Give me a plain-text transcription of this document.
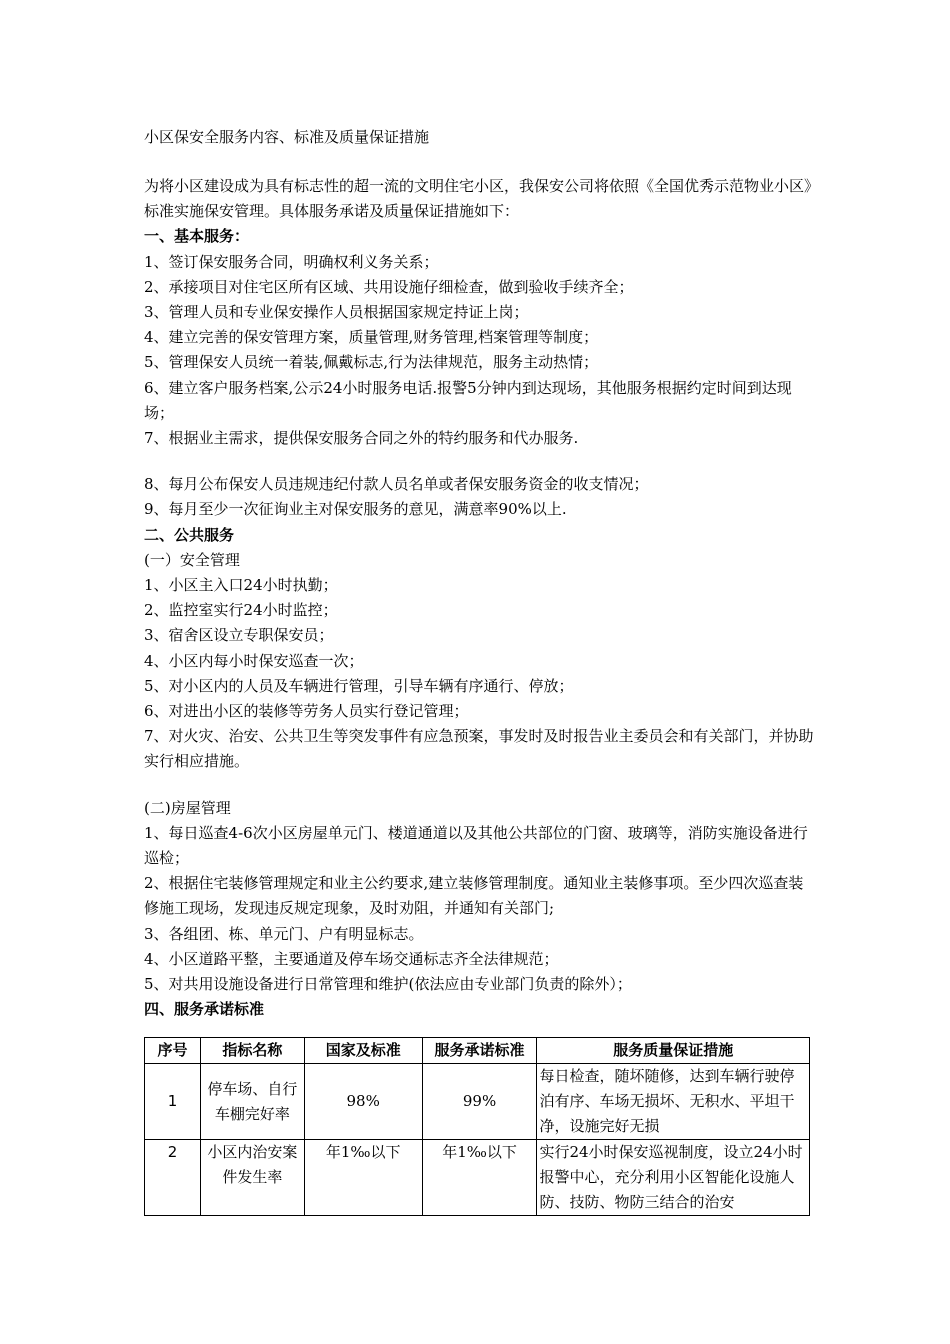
小区保安全服务内容、标准及质量保证措施

为将小区建设成为具有标志性的超一流的文明住宅小区，我保安公司将依照《全国优秀示范物业小区》标准实施保安管理。具体服务承诺及质量保证措施如下：

一、基本服务：

1、签订保安服务合同，明确权利义务关系；

2、承接项目对住宅区所有区域、共用设施仔细检查，做到验收手续齐全；

3、管理人员和专业保安操作人员根据国家规定持证上岗；

4、建立完善的保安管理方案，质量管理,财务管理,档案管理等制度；

5、管理保安人员统一着装,佩戴标志,行为法律规范，服务主动热情；

6、建立客户服务档案,公示24小时服务电话.报警5分钟内到达现场，其他服务根据约定时间到达现场；

7、根据业主需求，提供保安服务合同之外的特约服务和代办服务.

8、每月公布保安人员违规违纪付款人员名单或者保安服务资金的收支情况；

9、每月至少一次征询业主对保安服务的意见，满意率90%以上.

二、公共服务

(一）安全管理

1、小区主入口24小时执勤；

2、监控室实行24小时监控；

3、宿舍区设立专职保安员；

4、小区内每小时保安巡查一次；

5、对小区内的人员及车辆进行管理，引导车辆有序通行、停放；

6、对进出小区的装修等劳务人员实行登记管理；

7、对火灾、治安、公共卫生等突发事件有应急预案，事发时及时报告业主委员会和有关部门，并协助实行相应措施。

(二)房屋管理

1、每日巡查4-6次小区房屋单元门、楼道通道以及其他公共部位的门窗、玻璃等，消防实施设备进行巡检；

2、根据住宅装修管理规定和业主公约要求,建立装修管理制度。通知业主装修事项。至少四次巡查装修施工现场，发现违反规定现象，及时劝阻，并通知有关部门;

3、各组团、栋、单元门、户有明显标志。

4、小区道路平整，主要通道及停车场交通标志齐全法律规范；

5、对共用设施设备进行日常管理和维护(依法应由专业部门负责的除外）；

四、服务承诺标准

序号	指标名称	国家及标准	服务承诺标准	服务质量保证措施
1	停车场、自行车棚完好率	98%	99%	每日检查，随坏随修，达到车辆行驶停泊有序、车场无损坏、无积水、平坦干净，设施完好无损
2	小区内治安案件发生率	年1‰以下	年1‰以下	实行24小时保安巡视制度，设立24小时报警中心，充分利用小区智能化设施人防、技防、物防三结合的治安
